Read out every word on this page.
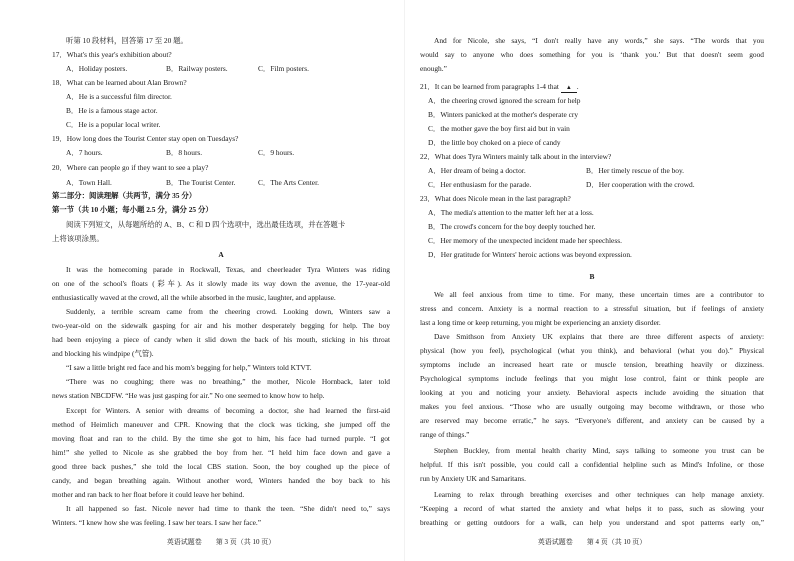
听第 10 段材料，回答第 17 至 20 题。
17．What's this year's exhibition about?
A．Holiday posters.	B．Railway posters.	C．Film posters.
18．What can be learned about Alan Brown?
A．He is a successful film director.
B．He is a famous stage actor.
C．He is a popular local writer.
19．How long does the Tourist Center stay open on Tuesdays?
A．7 hours.	B．8 hours.	C．9 hours.
20．Where can people go if they want to see a play?
A．Town Hall.	B．The Tourist Center.	C．The Arts Center.
第二部分：阅读理解（共两节，满分 35 分）
第一节（共 10 小题；每小题 2.5 分，满分 25 分）
阅读下列短文，从每题所给的 A、B、C 和 D 四个选项中，选出最佳选项，并在答题卡
上将该项涂黑。
A
It was the homecoming parade in Rockwall, Texas, and cheerleader Tyra Winters was riding
on one of the school's floats (彩车). As it slowly made its way down the avenue, the 17-year-old
enthusiastically waved at the crowd, all the while absorbed in the music, laughter, and applause.
Suddenly, a terrible scream came from the cheering crowd. Looking down, Winters saw a
two-year-old on the sidewalk gasping for air and his mother desperately begging for help. The boy
had been enjoying a piece of candy when it slid down the back of his mouth, sticking in his throat
and blocking his windpipe (气管).
“I saw a little bright red face and his mom's begging for help,” Winters told KTVT.
“There was no coughing; there was no breathing,” the mother, Nicole Hornback, later told
news station NBCDFW. “He was just gasping for air.” No one seemed to know how to help.
Except for Winters. A senior with dreams of becoming a doctor, she had learned the first-aid
method of Heimlich maneuver and CPR. Knowing that the clock was ticking, she jumped off the
moving float and ran to the child. By the time she got to him, his face had turned purple. “I got
him!” she yelled to Nicole as she grabbed the boy from her. “I held him face down and gave a
good three back pushes,” she told the local CBS station. Soon, the boy coughed up the piece of
candy, and began breathing again. Without another word, Winters handed the boy back to his
mother and ran back to her float before it could leave her behind.
It all happened so fast. Nicole never had time to thank the teen. “She didn't need to,” says
Winters. “I knew how she was feeling. I saw her tears. I saw her face.”
英语试题卷　　第 3 页（共 10 页）
And for Nicole, she says, “I don't really have any words,” she says. “The words that you
would say to anyone who does something for you is ‘thank you.’ But that doesn't seem good
enough.”
21．It can be learned from paragraphs 1-4 that ▲ .
A．the cheering crowd ignored the scream for help
B．Winters panicked at the mother's desperate cry
C．the mother gave the boy first aid but in vain
D．the little boy choked on a piece of candy
22．What does Tyra Winters mainly talk about in the interview?
A．Her dream of being a doctor.	B．Her timely rescue of the boy.
C．Her enthusiasm for the parade.	D．Her cooperation with the crowd.
23．What does Nicole mean in the last paragraph?
A．The media's attention to the matter left her at a loss.
B．The crowd's concern for the boy deeply touched her.
C．Her memory of the unexpected incident made her speechless.
D．Her gratitude for Winters' heroic actions was beyond expression.
B
We all feel anxious from time to time. For many, these uncertain times are a contributor to
stress and concern. Anxiety is a normal reaction to a stressful situation, but if feelings of anxiety
last a long time or keep returning, you might be experiencing an anxiety disorder.
Dave Smithson from Anxiety UK explains that there are three different aspects of anxiety:
physical (how you feel), psychological (what you think), and behavioral (what you do).” Physical
symptoms include an increased heart rate or muscle tension, breathing heavily or dizziness.
Psychological symptoms include feelings that you might lose control, faint or think people are
looking at you and noticing your anxiety. Behavioral aspects include avoiding the situation that
makes you feel anxious. “Those who are usually outgoing may become withdrawn, or those who
are reserved may become erratic,” he says. “Everyone's different, and anxiety can be caused by a
range of things.”
Stephen Buckley, from mental health charity Mind, says talking to someone you trust can be
helpful. If this isn't possible, you could call a confidential helpline such as Mind's Infoline, or those
run by Anxiety UK and Samaritans.
Learning to relax through breathing exercises and other techniques can help manage anxiety.
“Keeping a record of what started the anxiety and what helps it to pass, such as slowing your
breathing or getting outdoors for a walk, can help you understand and spot patterns early on,”
英语试题卷　　第 4 页（共 10 页）
